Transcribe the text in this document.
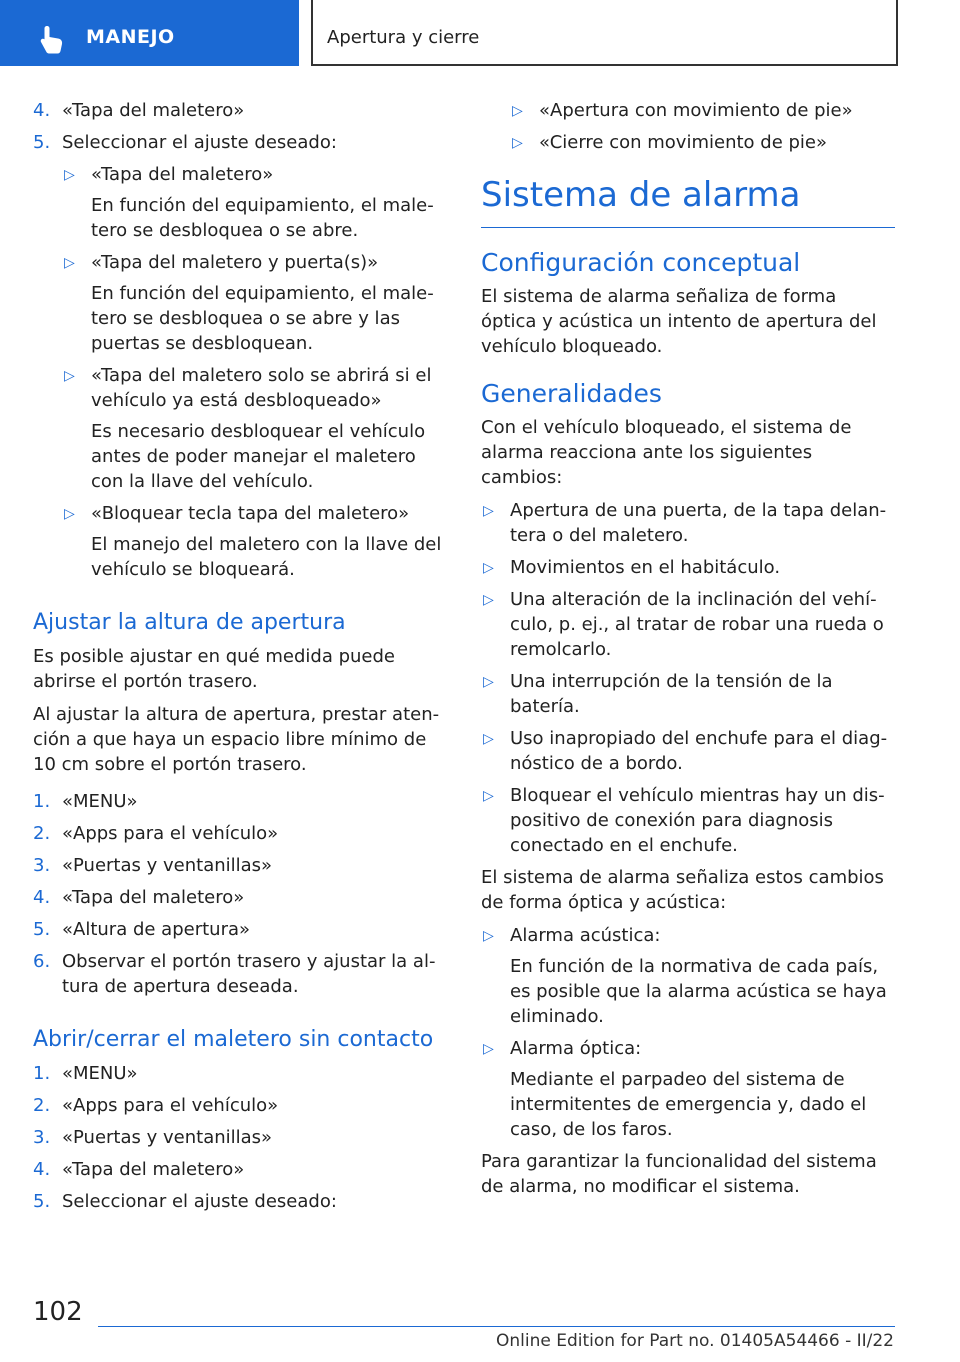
MANEJO	Apertura y cierre
4. «Tapa del maletero»
5. Seleccionar el ajuste deseado:
▷ «Tapa del maletero»
En función del equipamiento, el maletero se desbloquea o se abre.
▷ «Tapa del maletero y puerta(s)»
En función del equipamiento, el maletero se desbloquea o se abre y las puertas se desbloquean.
▷ «Tapa del maletero solo se abrirá si el vehículo ya está desbloqueado»
Es necesario desbloquear el vehículo antes de poder manejar el maletero con la llave del vehículo.
▷ «Bloquear tecla tapa del maletero»
El manejo del maletero con la llave del vehículo se bloqueará.
Ajustar la altura de apertura

Es posible ajustar en qué medida puede abrirse el portón trasero.

Al ajustar la altura de apertura, prestar atención a que haya un espacio libre mínimo de 10 cm sobre el portón trasero.

1. «MENU»
2. «Apps para el vehículo»
3. «Puertas y ventanillas»
4. «Tapa del maletero»
5. «Altura de apertura»
6. Observar el portón trasero y ajustar la altura de apertura deseada.
Abrir/cerrar el maletero sin contacto
1. «MENU»
2. «Apps para el vehículo»
3. «Puertas y ventanillas»
4. «Tapa del maletero»
5. Seleccionar el ajuste deseado:
▷ «Apertura con movimiento de pie»
▷ «Cierre con movimiento de pie»
Sistema de alarma
Configuración conceptual

El sistema de alarma señaliza de forma óptica y acústica un intento de apertura del vehículo bloqueado.

Generalidades

Con el vehículo bloqueado, el sistema de alarma reacciona ante los siguientes cambios:

▷ Apertura de una puerta, de la tapa delantera o del maletero.
▷ Movimientos en el habitáculo.
▷ Una alteración de la inclinación del vehículo, p. ej., al tratar de robar una rueda o remolcarlo.
▷ Una interrupción de la tensión de la batería.
▷ Uso inapropiado del enchufe para el diagnóstico de a bordo.
▷ Bloquear el vehículo mientras hay un dispositivo de conexión para diagnosis conectado en el enchufe.

El sistema de alarma señaliza estos cambios de forma óptica y acústica:

▷ Alarma acústica:
En función de la normativa de cada país, es posible que la alarma acústica se haya eliminado.
▷ Alarma óptica:
Mediante el parpadeo del sistema de intermitentes de emergencia y, dado el caso, de los faros.

Para garantizar la funcionalidad del sistema de alarma, no modificar el sistema.

102
Online Edition for Part no. 01405A54466 - II/22
